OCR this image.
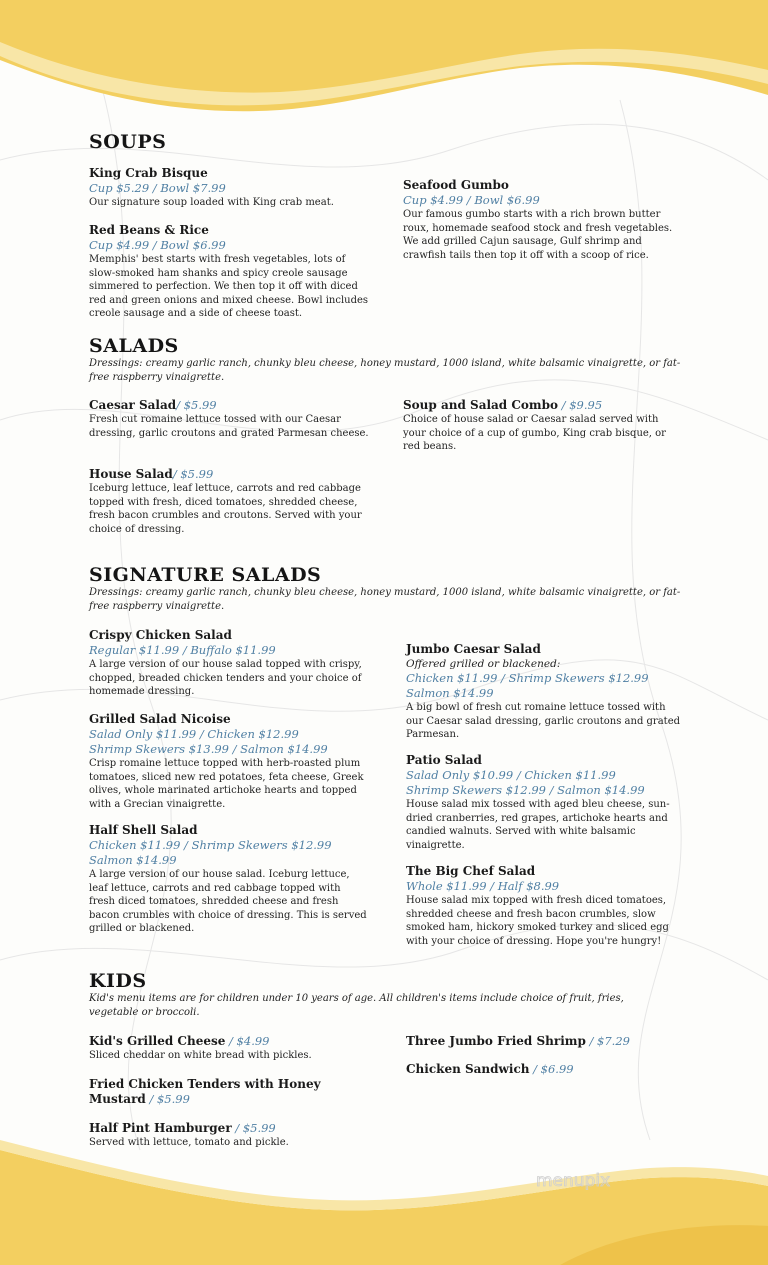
menupix
SOUPS
King Crab Bisque
Cup $5.29 / Bowl $7.99
Our signature soup loaded with King crab meat.
Red Beans & Rice
Cup $4.99 / Bowl $6.99
Memphis' best starts with fresh vegetables, lots of slow-smoked ham shanks and spicy creole sausage simmered to perfection. We then top it off with diced red and green onions and mixed cheese. Bowl includes creole sausage and a side of cheese toast.
Seafood Gumbo
Cup $4.99 / Bowl $6.99
Our famous gumbo starts with a rich brown butter roux, homemade seafood stock and fresh vegetables. We add grilled Cajun sausage, Gulf shrimp and crawfish tails then top it off with a scoop of rice.
SALADS

Dressings: creamy garlic ranch, chunky bleu cheese, honey mustard, 1000 island, white balsamic vinaigrette, or fat-free raspberry vinaigrette.

Caesar Salad/ $5.99
Fresh cut romaine lettuce tossed with our Caesar dressing, garlic croutons and grated Parmesan cheese.
House Salad/ $5.99
Iceburg lettuce, leaf lettuce, carrots and red cabbage topped with fresh, diced tomatoes, shredded cheese, fresh bacon crumbles and croutons. Served with your choice of dressing.
Soup and Salad Combo / $9.95
Choice of house salad or Caesar salad served with your choice of a cup of gumbo, King crab bisque, or red beans.
SIGNATURE SALADS

Dressings: creamy garlic ranch, chunky bleu cheese, honey mustard, 1000 island, white balsamic vinaigrette, or fat-free raspberry vinaigrette.

Crispy Chicken Salad
Regular $11.99 / Buffalo $11.99
A large version of our house salad topped with crispy, chopped, breaded chicken tenders and your choice of homemade dressing.
Grilled Salad Nicoise
Salad Only $11.99 / Chicken $12.99
Shrimp Skewers $13.99 / Salmon $14.99
Crisp romaine lettuce topped with herb-roasted plum tomatoes, sliced new red potatoes, feta cheese, Greek olives, whole marinated artichoke hearts and topped with a Grecian vinaigrette.
Half Shell Salad
Chicken $11.99 / Shrimp Skewers $12.99
Salmon $14.99
A large version of our house salad. Iceburg lettuce, leaf lettuce, carrots and red cabbage topped with fresh diced tomatoes, shredded cheese and fresh bacon crumbles with choice of dressing. This is served grilled or blackened.
Jumbo Caesar Salad
Offered grilled or blackened:
Chicken $11.99 / Shrimp Skewers $12.99
Salmon $14.99
A big bowl of fresh cut romaine lettuce tossed with our Caesar salad dressing, garlic croutons and grated Parmesan.
Patio Salad
Salad Only $10.99 / Chicken $11.99
Shrimp Skewers $12.99 / Salmon $14.99
House salad mix tossed with aged bleu cheese, sun-dried cranberries, red grapes, artichoke hearts and candied walnuts. Served with white balsamic vinaigrette.
The Big Chef Salad
Whole $11.99 / Half $8.99
House salad mix topped with fresh diced tomatoes, shredded cheese and fresh bacon crumbles, slow smoked ham, hickory smoked turkey and sliced egg with your choice of dressing. Hope you're hungry!
KIDS

Kid's menu items are for children under 10 years of age. All children's items include choice of fruit, fries, vegetable or broccoli.

Kid's Grilled Cheese / $4.99
Sliced cheddar on white bread with pickles.
Fried Chicken Tenders with Honey Mustard / $5.99
Half Pint Hamburger / $5.99
Served with lettuce, tomato and pickle.
Three Jumbo Fried Shrimp / $7.29
Chicken Sandwich / $6.99
